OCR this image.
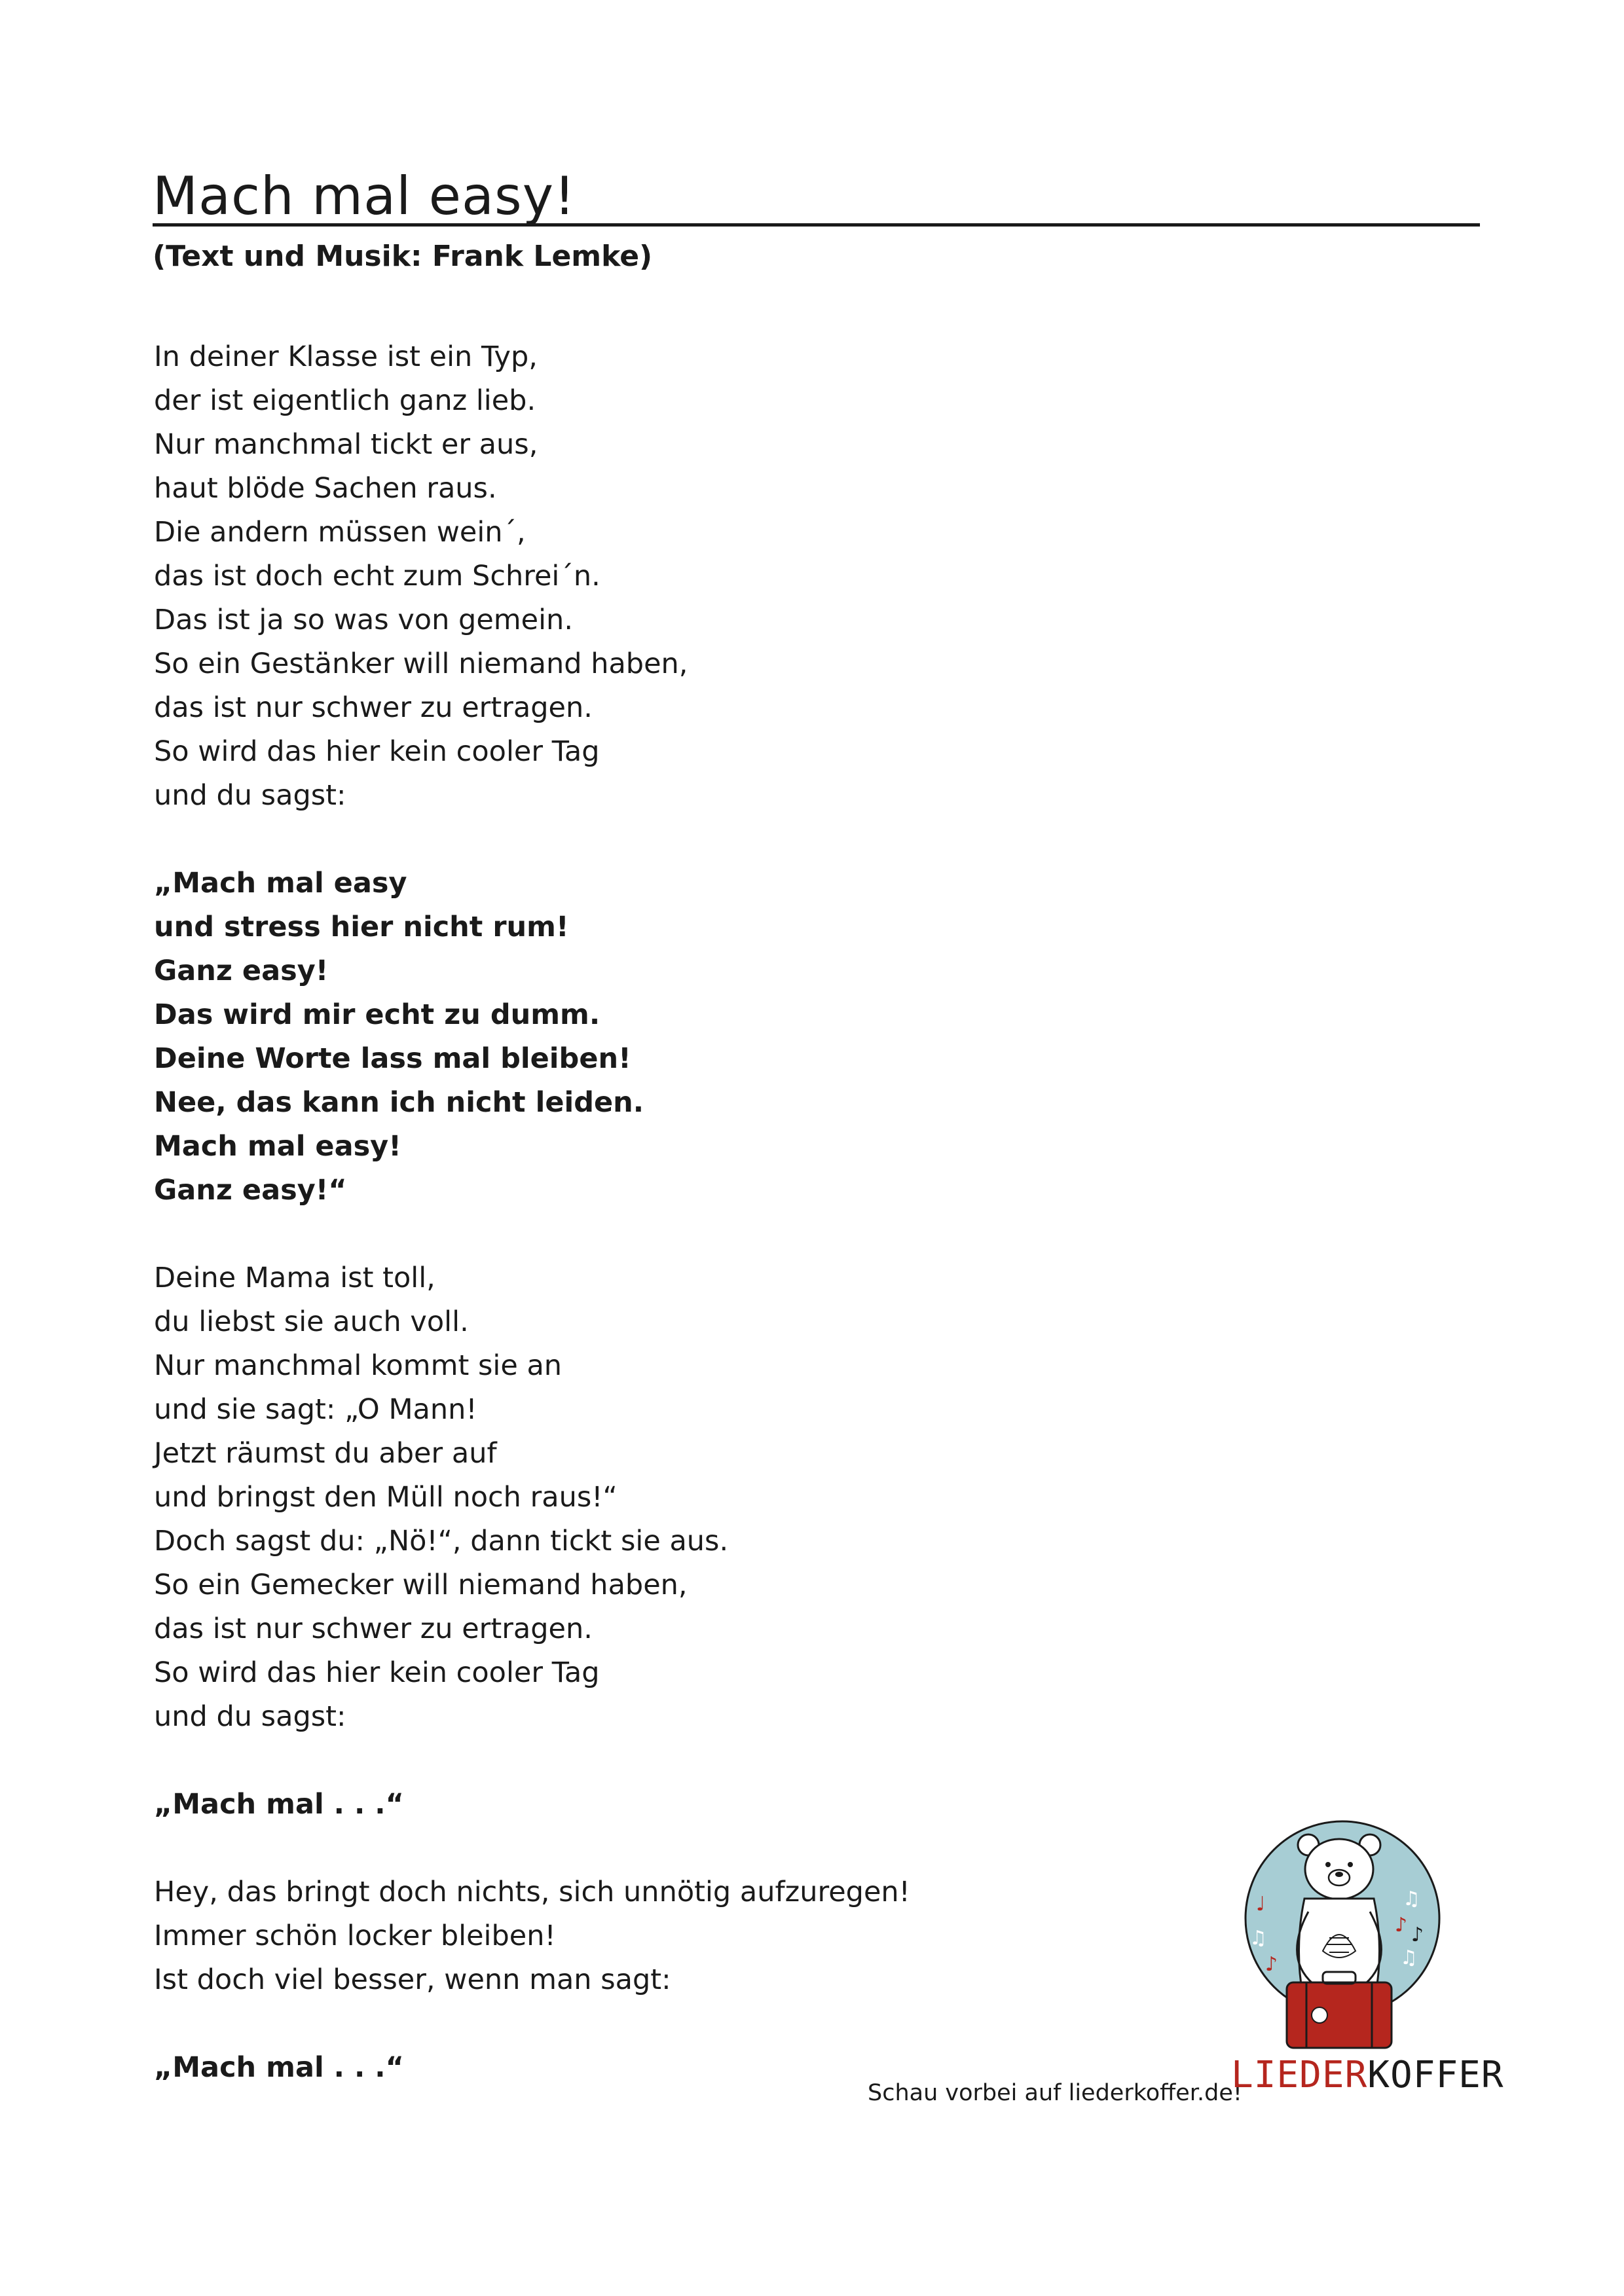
Mach mal easy!
(Text und Musik: Frank Lemke)
In deiner Klasse ist ein Typ,
der ist eigentlich ganz lieb.
Nur manchmal tickt er aus,
haut blöde Sachen raus.
Die andern müssen wein´,
das ist doch echt zum Schrei´n.
Das ist ja so was von gemein.
So ein Gestänker will niemand haben,
das ist nur schwer zu ertragen.
So wird das hier kein cooler Tag
und du sagst:
„Mach mal easy
und stress hier nicht rum!
Ganz easy!
Das wird mir echt zu dumm.
Deine Worte lass mal bleiben!
Nee, das kann ich nicht leiden.
Mach mal easy!
Ganz easy!“
Deine Mama ist toll,
du liebst sie auch voll.
Nur manchmal kommt sie an
und sie sagt: „O Mann!
Jetzt räumst du aber auf
und bringst den Müll noch raus!“
Doch sagst du: „Nö!“, dann tickt sie aus.
So ein Gemecker will niemand haben,
das ist nur schwer zu ertragen.
So wird das hier kein cooler Tag
und du sagst:
„Mach mal . . .“
Hey, das bringt doch nichts, sich unnötig aufzuregen!
Immer schön locker bleiben!
Ist doch viel besser, wenn man sagt:
„Mach mal . . .“
Schau vorbei auf liederkoffer.de!
♩
♫
♪
♫
♪
♪
♫
LIEDERKOFFER
